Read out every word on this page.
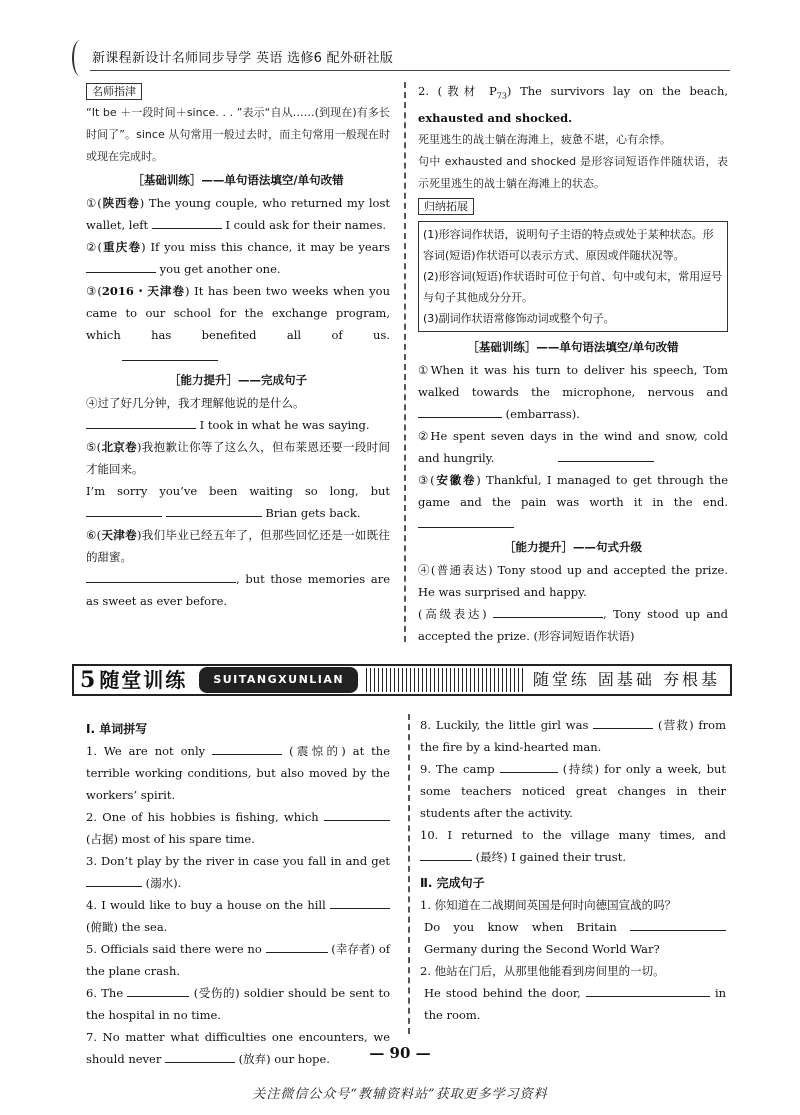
新课程新设计名师同步导学 英语 选修6 配外研社版
名师指津

“It be ＋一段时间＋since. . . ”表示“自从……(到现在)有多长时间了”。since 从句常用一般过去时，而主句常用一般现在时或现在完成时。

［基础训练］——单句语法填空/单句改错

①(陕西卷) The young couple, who returned my lost wallet, left	I could ask for their names.

②(重庆卷) If you miss this chance, it may be years  you get another one.

③(2016・天津卷) It has been two weeks when you came to our school for the exchange program, which has benefited all of us.

［能力提升］——完成句子

④过了好几分钟，我才理解他说的是什么。

I took in what he was saying.

⑤(北京卷)我抱歉让你等了这么久，但布莱恩还要一段时间才能回来。

I’m sorry you’ve been waiting so long, but   Brian gets back.

⑥(天津卷)我们毕业已经五年了，但那些回忆还是一如既往的甜蜜。

, but those memories are as sweet as ever before.

2. (教材 $P_{73}$) The survivors lay on the beach, exhausted and shocked.

死里逃生的战士躺在海滩上，疲惫不堪，心有余悸。

句中 exhausted and shocked 是形容词短语作伴随状语，表示死里逃生的战士躺在海滩上的状态。

归纳拓展
(1)形容词作状语，说明句子主语的特点或处于某种状态。形容词(短语)作状语可以表示方式、原因或伴随状况等。
(2)形容词(短语)作状语时可位于句首、句中或句末，常用逗号与句子其他成分分开。
(3)副词作状语常修饰动词或整个句子。
［基础训练］——单句语法填空/单句改错

①When it was his turn to deliver his speech, Tom walked towards the microphone, nervous and  (embarrass).

②He spent seven days in the wind and snow, cold and hungrily.

③(安徽卷) Thankful, I managed to get through the game and the pain was worth it in the end.

［能力提升］——句式升级

④(普通表达) Tony stood up and accepted the prize. He was surprised and happy.

(高级表达)	, Tony stood up and accepted the prize. (形容词短语作状语)

5 随堂训练	SUITANGXUNLIAN	随堂练 固基础 夯根基
Ⅰ. 单词拼写

1. We are not only	(震惊的) at the terrible working conditions, but also moved by the workers’ spirit.

2. One of his hobbies is fishing, which  (占据) most of his spare time.

3. Don’t play by the river in case you fall in and get  (溺水).

4. I would like to buy a house on the hill  (俯瞰) the sea.

5. Officials said there were no	(幸存者) of the plane crash.

6. The	(受伤的) soldier should be sent to the hospital in no time.

7. No matter what difficulties one encounters, we should never	(放弃) our hope.

8. Luckily, the little girl was	(营救) from the fire by a kind-hearted man.

9. The camp	(持续) for only a week, but some teachers noticed great changes in their students after the activity.

10. I returned to the village many times, and  (最终) I gained their trust.

Ⅱ. 完成句子

1. 你知道在二战期间英国是何时向德国宣战的吗？

Do you know when Britain  Germany during the Second World War?

2. 他站在门后，从那里他能看到房间里的一切。

He stood behind the door,	in the room.

— 90 —
关注微信公众号“教辅资料站”获取更多学习资料
